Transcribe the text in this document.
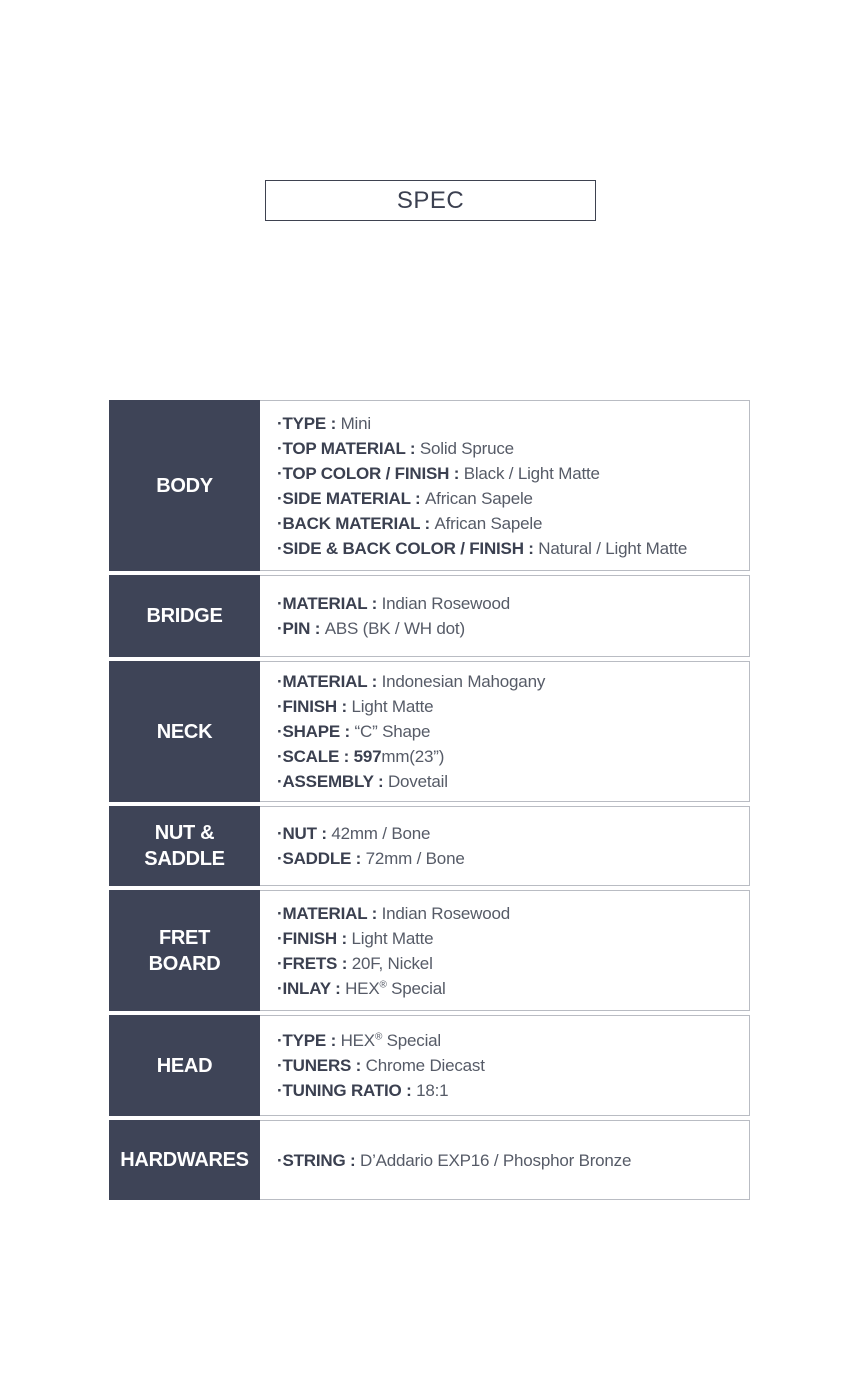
SPEC
BODY
·TYPE : Mini
·TOP MATERIAL : Solid Spruce
·TOP COLOR / FINISH : Black / Light Matte
·SIDE MATERIAL : African Sapele
·BACK MATERIAL : African Sapele
·SIDE & BACK COLOR / FINISH : Natural / Light Matte
BRIDGE
·MATERIAL : Indian Rosewood
·PIN : ABS (BK / WH dot)
NECK
·MATERIAL : Indonesian Mahogany
·FINISH : Light Matte
·SHAPE : “C” Shape
·SCALE : 597mm(23”)
·ASSEMBLY : Dovetail
NUT &
SADDLE
·NUT : 42mm / Bone
·SADDLE : 72mm / Bone
FRET
BOARD
·MATERIAL : Indian Rosewood
·FINISH : Light Matte
·FRETS : 20F, Nickel
·INLAY : HEX® Special
HEAD
·TYPE : HEX® Special
·TUNERS : Chrome Diecast
·TUNING RATIO : 18:1
HARDWARES	·STRING : D’Addario EXP16 / Phosphor Bronze
